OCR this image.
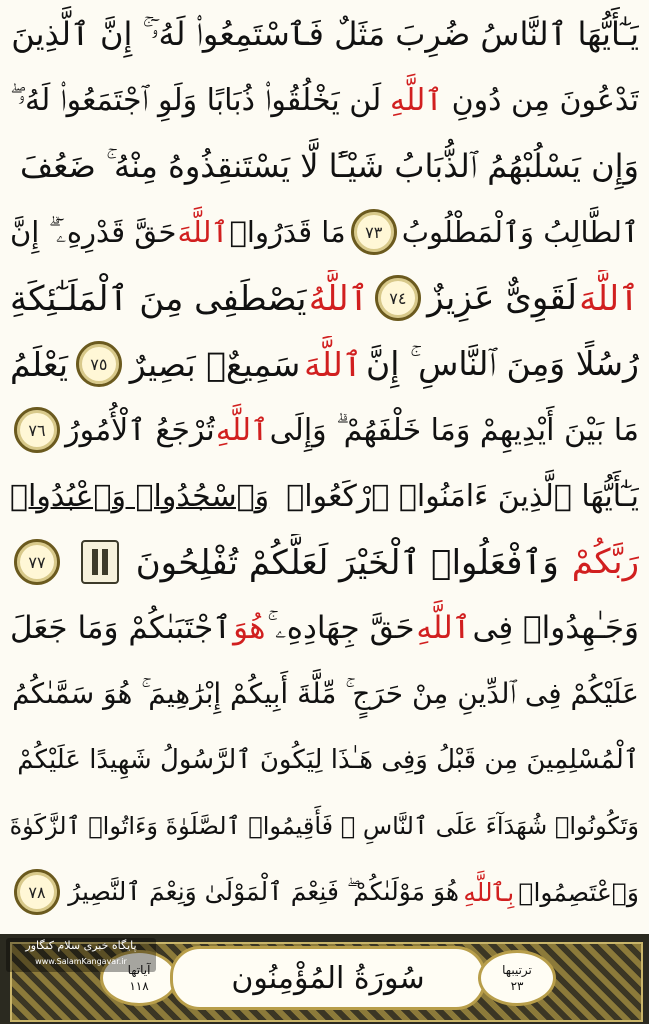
يَـٰٓأَيُّهَا ٱلنَّاسُ ضُرِبَ مَثَلٌ فَٱسْتَمِعُوا۟ لَهُۥٓ ۚ إِنَّ ٱلَّذِينَ
تَدْعُونَ مِن دُونِ
ٱللَّهِ
لَن يَخْلُقُوا۟ ذُبَابًا وَلَوِ ٱجْتَمَعُوا۟ لَهُۥ ۖ
وَإِن يَسْلُبْهُمُ ٱلذُّبَابُ شَيْـًٔا لَّا يَسْتَنقِذُوهُ مِنْهُ ۚ ضَعُفَ
ٱلطَّالِبُ وَٱلْمَطْلُوبُ
٧٣
مَا قَدَرُوا۟
ٱللَّهَ
حَقَّ قَدْرِهِۦٓ ۗ إِنَّ
ٱللَّهَ
لَقَوِىٌّ عَزِيزٌ
٧٤
ٱللَّهُ
يَصْطَفِى مِنَ ٱلْمَلَـٰٓئِكَةِ
رُسُلًا وَمِنَ ٱلنَّاسِ ۚ إِنَّ
ٱللَّهَ
سَمِيعٌۢ بَصِيرٌ
٧٥
يَعْلَمُ
مَا بَيْنَ أَيْدِيهِمْ وَمَا خَلْفَهُمْ ۗ وَإِلَى
ٱللَّهِ
تُرْجَعُ ٱلْأُمُورُ
٧٦
يَـٰٓأَيُّهَا ٱلَّذِينَ ءَامَنُوا۟ ٱرْكَعُوا۟
وَٱسْجُدُوا۟ وَٱعْبُدُوا۟
رَبَّكُمْ
وَٱفْعَلُوا۟ ٱلْخَيْرَ لَعَلَّكُمْ تُفْلِحُونَ
٧٧
وَجَـٰهِدُوا۟ فِى
ٱللَّهِ
حَقَّ جِهَادِهِۦ ۚ
هُوَ
ٱجْتَبَىٰكُمْ وَمَا جَعَلَ
عَلَيْكُمْ فِى ٱلدِّينِ مِنْ حَرَجٍ ۚ مِّلَّةَ أَبِيكُمْ إِبْرَٰهِيمَ ۚ هُوَ سَمَّىٰكُمُ
ٱلْمُسْلِمِينَ مِن قَبْلُ وَفِى هَـٰذَا لِيَكُونَ ٱلرَّسُولُ شَهِيدًا عَلَيْكُمْ
وَتَكُونُوا۟ شُهَدَآءَ عَلَى ٱلنَّاسِ ۚ فَأَقِيمُوا۟ ٱلصَّلَوٰةَ وَءَاتُوا۟ ٱلزَّكَوٰةَ
وَٱعْتَصِمُوا۟
بِٱللَّهِ
هُوَ مَوْلَىٰكُمْ ۖ فَنِعْمَ ٱلْمَوْلَىٰ وَنِعْمَ ٱلنَّصِيرُ
٧٨
آیاتها
١١٨	سُورَةُ المُؤْمِنُون	ترتیبها
٢٣
پایگاه خبری سلام کنگاور
www.SalamKangavar.ir
